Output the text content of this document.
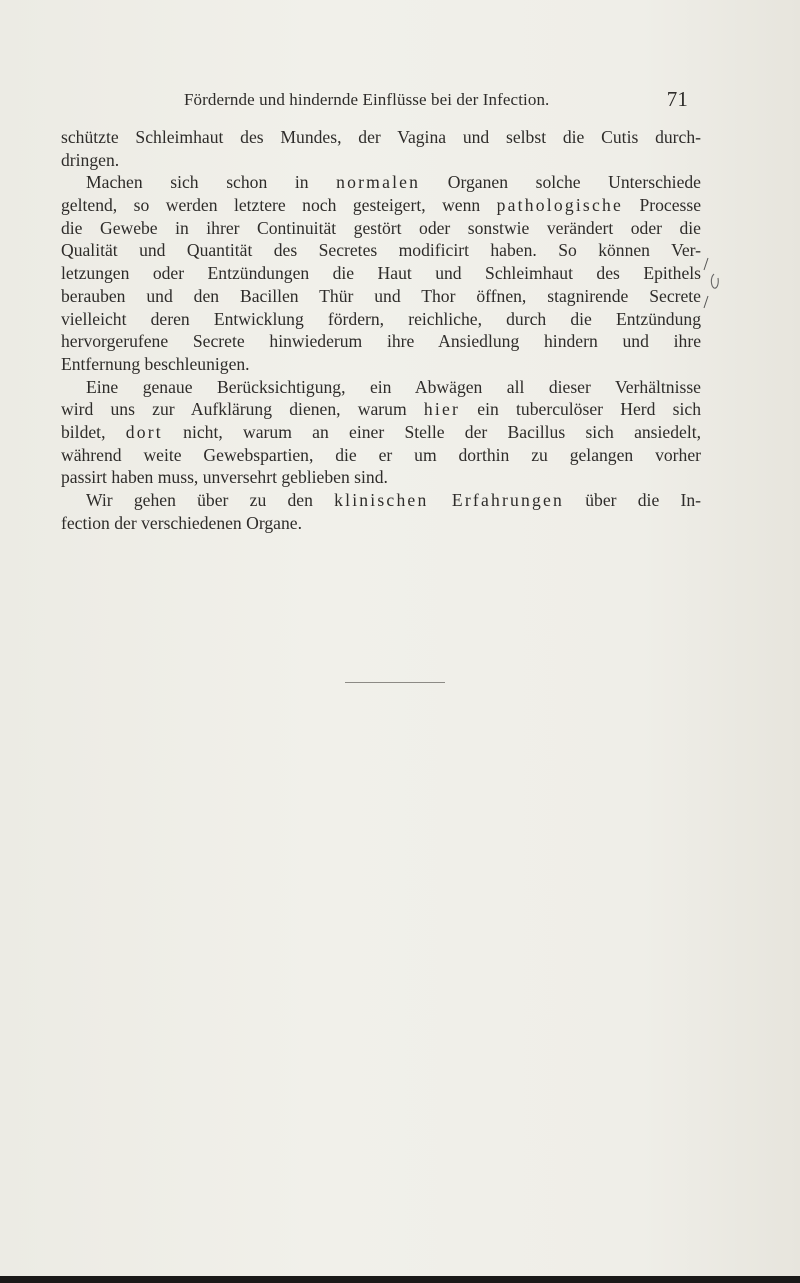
Fördernde und hindernde Einflüsse bei der Infection.	71
schützte Schleimhaut des Mundes, der Vagina und selbst die Cutis durch-
dringen.
Machen sich schon in normalen Organen solche Unterschiede
geltend, so werden letztere noch gesteigert, wenn pathologische Processe
die Gewebe in ihrer Continuität gestört oder sonstwie verändert oder die
Qualität und Quantität des Secretes modificirt haben. So können Ver-
letzungen oder Entzündungen die Haut und Schleimhaut des Epithels
berauben und den Bacillen Thür und Thor öffnen, stagnirende Secrete
vielleicht deren Entwicklung fördern, reichliche, durch die Entzündung
hervorgerufene Secrete hinwiederum ihre Ansiedlung hindern und ihre
Entfernung beschleunigen.
Eine genaue Berücksichtigung, ein Abwägen all dieser Verhältnisse
wird uns zur Aufklärung dienen, warum hier ein tuberculöser Herd sich
bildet, dort nicht, warum an einer Stelle der Bacillus sich ansiedelt,
während weite Gewebspartien, die er um dorthin zu gelangen vorher
passirt haben muss, unversehrt geblieben sind.
Wir gehen über zu den klinischen Erfahrungen über die In-
fection der verschiedenen Organe.
